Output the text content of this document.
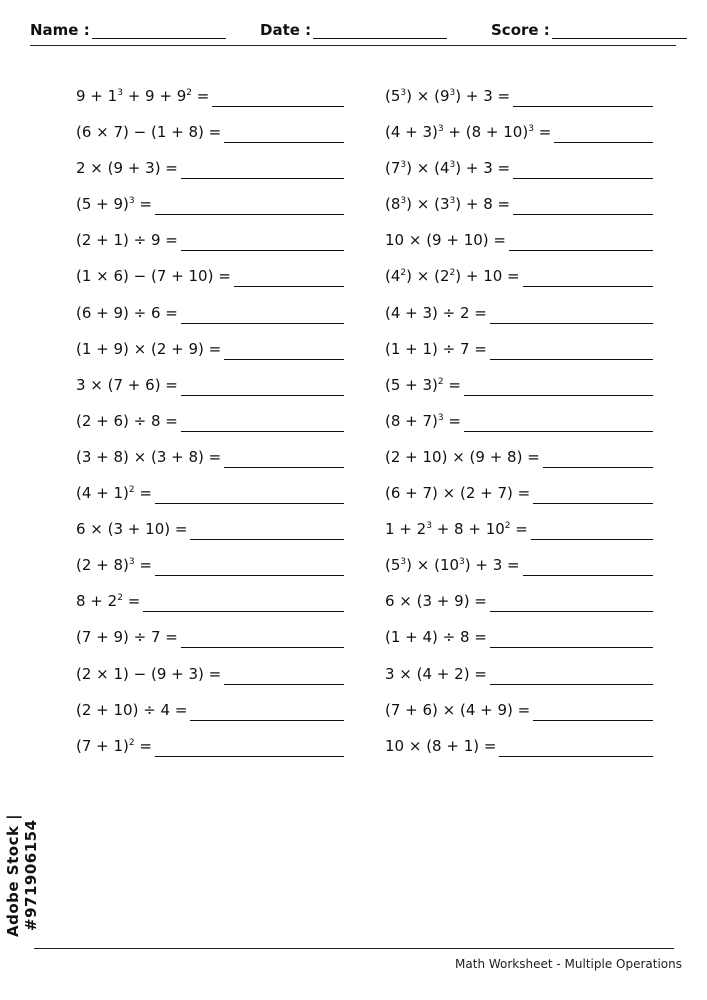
Name :	Date :	Score :
$9 + 1^3 + 9 + 9^2$ =
(6 × 7) − (1 + 8) =
2 × (9 + 3) =
$(5 + 9)^3$ =
(2 + 1) ÷ 9 =
(1 × 6) − (7 + 10) =
(6 + 9) ÷ 6 =
(1 + 9) × (2 + 9) =
3 × (7 + 6) =
(2 + 6) ÷ 8 =
(3 + 8) × (3 + 8) =
$(4 + 1)^2$ =
6 × (3 + 10) =
$(2 + 8)^3$ =
$8 + 2^2$ =
(7 + 9) ÷ 7 =
(2 × 1) − (9 + 3) =
(2 + 10) ÷ 4 =
$(7 + 1)^2$ =
$(5^3) \times (9^3) + 3$ =
$(4 + 3)^3 + (8 + 10)^3$ =
$(7^3) \times (4^3) + 3$ =
$(8^3) \times (3^3) + 8$ =
10 × (9 + 10) =
$(4^2) \times (2^2) + 10$ =
(4 + 3) ÷ 2 =
(1 + 1) ÷ 7 =
$(5 + 3)^2$ =
$(8 + 7)^3$ =
(2 + 10) × (9 + 8) =
(6 + 7) × (2 + 7) =
$1 + 2^3 + 8 + 10^2$ =
$(5^3) \times (10^3) + 3$ =
6 × (3 + 9) =
(1 + 4) ÷ 8 =
3 × (4 + 2) =
(7 + 6) × (4 + 9) =
10 × (8 + 1) =
Math Worksheet - Multiple Operations
Adobe Stock | #971906154
